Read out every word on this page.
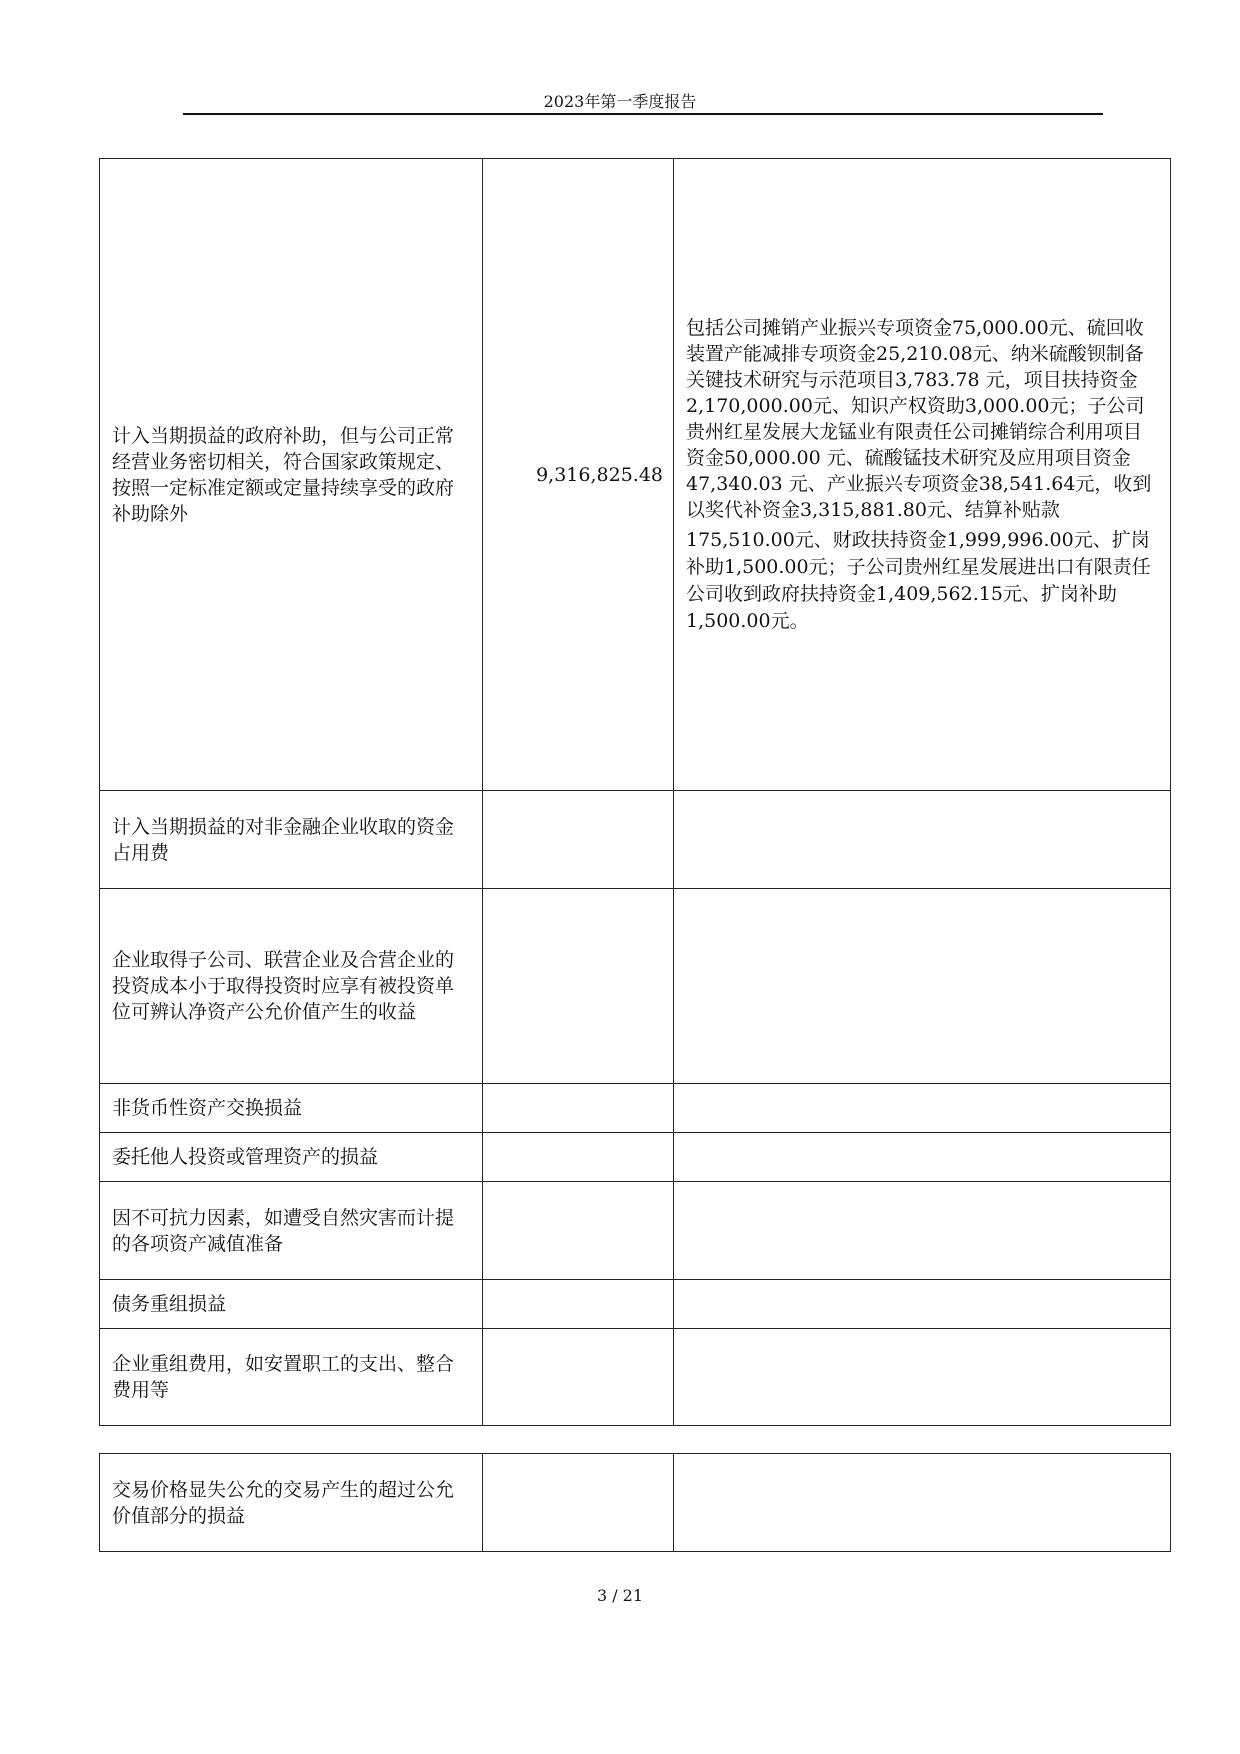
2023年第一季度报告
计入当期损益的政府补助，但与公司正常经营业务密切相关，符合国家政策规定、按照一定标准定额或定量持续享受的政府补助除外	9,316,825.48	包括公司摊销产业振兴专项资金75,000.00元、硫回收装置产能减排专项资金25,210.08元、纳米硫酸钡制备关键技术研究与示范项目3,783.78 元，项目扶持资金2,170,000.00元、知识产权资助3,000.00元；子公司贵州红星发展大龙锰业有限责任公司摊销综合利用项目资金50,000.00 元、硫酸锰技术研究及应用项目资金47,340.03 元、产业振兴专项资金38,541.64元，收到以奖代补资金3,315,881.80元、结算补贴款
175,510.00元、财政扶持资金1,999,996.00元、扩岗补助1,500.00元；子公司贵州红星发展进出口有限责任公司收到政府扶持资金1,409,562.15元、扩岗补助1,500.00元。

计入当期损益的对非金融企业收取的资金占用费		
企业取得子公司、联营企业及合营企业的投资成本小于取得投资时应享有被投资单位可辨认净资产公允价值产生的收益		
非货币性资产交换损益		
委托他人投资或管理资产的损益		
因不可抗力因素，如遭受自然灾害而计提的各项资产减值准备		
债务重组损益		
企业重组费用，如安置职工的支出、整合费用等		
交易价格显失公允的交易产生的超过公允价值部分的损益		
3 / 21
